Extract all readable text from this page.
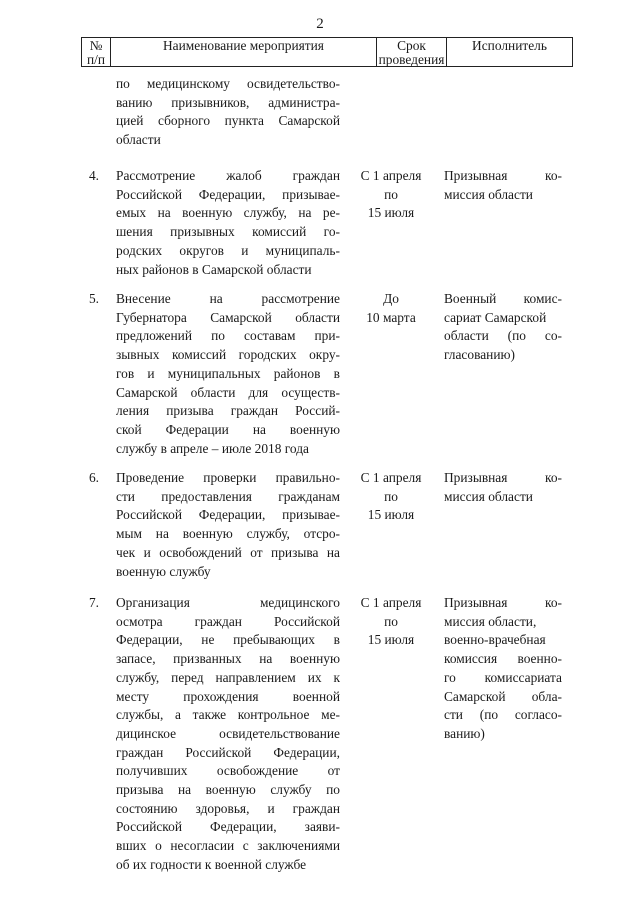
2
№
п/п
Наименование мероприятия	Срок
проведения
Исполнитель
по медицинскому освидетельство-
ванию призывников, администра-
цией сборного пункта Самарской
области
4. Рассмотрение жалоб граждан
Российской Федерации, призывае-
емых на военную службу, на ре-
шения призывных комиссий го-
родских округов и муниципаль-
ных районов в Самарской области
С 1 апреля
по
15 июля
Призывная ко-
миссия области
5. Внесение на рассмотрение
Губернатора Самарской области
предложений по составам при-
зывных комиссий городских окру-
гов и муниципальных районов в
Самарской области для осуществ-
ления призыва граждан Россий-
ской Федерации на военную
службу в апреле – июле 2018 года
До
10 марта
Военный комис-
сариат Самарской
области (по со-
гласованию)
6. Проведение проверки правильно-
сти предоставления гражданам
Российской Федерации, призывае-
мым на военную службу, отсро-
чек и освобождений от призыва на
военную службу
С 1 апреля
по
15 июля
Призывная ко-
миссия области
7. Организация медицинского
осмотра граждан Российской
Федерации, не пребывающих в
запасе, призванных на военную
службу, перед направлением их к
месту прохождения военной
службы, а также контрольное ме-
дицинское освидетельствование
граждан Российской Федерации,
получивших освобождение от
призыва на военную службу по
состоянию здоровья, и граждан
Российской Федерации, заяви-
вших о несогласии с заключениями
об их годности к военной службе
С 1 апреля
по
15 июля
Призывная ко-
миссия области,
военно-врачебная
комиссия военно-
го комиссариата
Самарской обла-
сти (по согласо-
ванию)
